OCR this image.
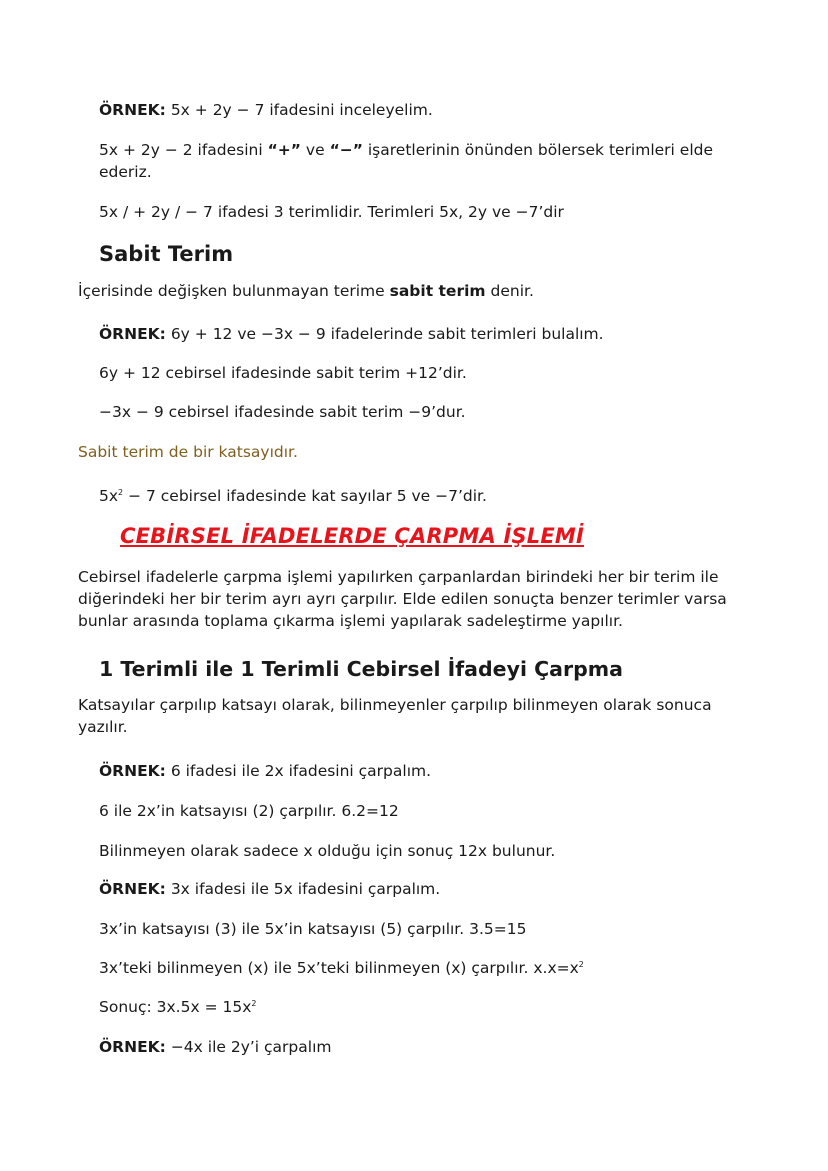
ÖRNEK: 5x + 2y − 7 ifadesini inceleyelim.
5x + 2y − 2 ifadesini “+” ve “−” işaretlerinin önünden bölersek terimleri elde ederiz.
5x / + 2y / − 7 ifadesi 3 terimlidir. Terimleri 5x, 2y ve −7’dir
Sabit Terim
İçerisinde değişken bulunmayan terime sabit terim denir.
ÖRNEK: 6y + 12 ve −3x − 9 ifadelerinde sabit terimleri bulalım.
6y + 12 cebirsel ifadesinde sabit terim +12’dir.
−3x − 9 cebirsel ifadesinde sabit terim −9’dur.
Sabit terim de bir katsayıdır.
$5x^2 - 7$ cebirsel ifadesinde kat sayılar 5 ve −7’dir.
CEBİRSEL İFADELERDE ÇARPMA İŞLEMİ
Cebirsel ifadelerle çarpma işlemi yapılırken çarpanlardan birindeki her bir terim ile diğerindeki her bir terim ayrı ayrı çarpılır. Elde edilen sonuçta benzer terimler varsa bunlar arasında toplama çıkarma işlemi yapılarak sadeleştirme yapılır.
1 Terimli ile 1 Terimli Cebirsel İfadeyi Çarpma
Katsayılar çarpılıp katsayı olarak, bilinmeyenler çarpılıp bilinmeyen olarak sonuca yazılır.
ÖRNEK: 6 ifadesi ile 2x ifadesini çarpalım.
6 ile 2x’in katsayısı (2) çarpılır. 6.2=12
Bilinmeyen olarak sadece x olduğu için sonuç 12x bulunur.
ÖRNEK: 3x ifadesi ile 5x ifadesini çarpalım.
3x’in katsayısı (3) ile 5x’in katsayısı (5) çarpılır. 3.5=15
3x’teki bilinmeyen (x) ile 5x’teki bilinmeyen (x) çarpılır. $x.x=x^2$
Sonuç: $3x.5x = 15x^2$
ÖRNEK: −4x ile 2y’i çarpalım
